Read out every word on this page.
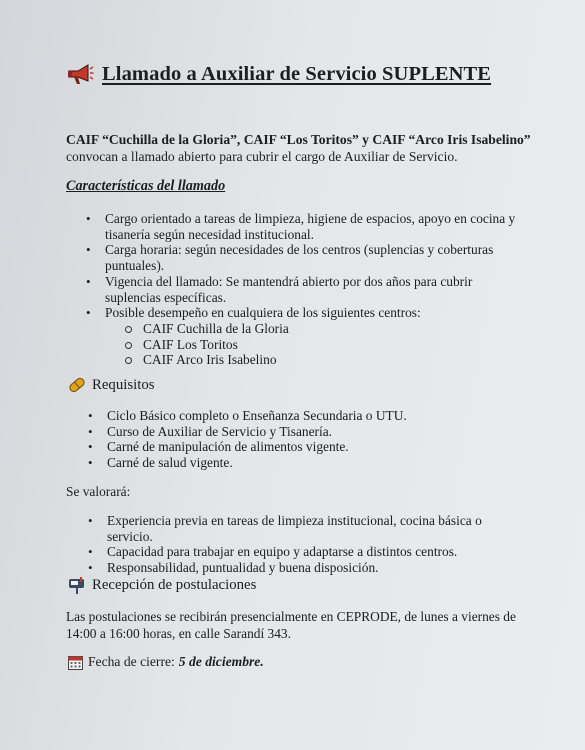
Llamado a Auxiliar de Servicio SUPLENTE
CAIF “Cuchilla de la Gloria”, CAIF “Los Toritos” y CAIF “Arco Iris Isabelino”
convocan a llamado abierto para cubrir el cargo de Auxiliar de Servicio.
Características del llamado
• Cargo orientado a tareas de limpieza, higiene de espacios, apoyo en cocina y tisanería según necesidad institucional.
• Carga horaria: según necesidades de los centros (suplencias y coberturas puntuales).
• Vigencia del llamado: Se mantendrá abierto por dos años para cubrir suplencias específicas.
• Posible desempeño en cualquiera de los siguientes centros:
CAIF Cuchilla de la Gloria
CAIF Los Toritos
CAIF Arco Iris Isabelino
Requisitos
• Ciclo Básico completo o Enseñanza Secundaria o UTU.
• Curso de Auxiliar de Servicio y Tisanería.
• Carné de manipulación de alimentos vigente.
• Carné de salud vigente.
Se valorará:
• Experiencia previa en tareas de limpieza institucional, cocina básica o servicio.
• Capacidad para trabajar en equipo y adaptarse a distintos centros.
• Responsabilidad, puntualidad y buena disposición.
Recepción de postulaciones
Las postulaciones se recibirán presencialmente en CEPRODE, de lunes a viernes de
14:00 a 16:00 horas, en calle Sarandí 343.
Fecha de cierre: 5 de diciembre.
